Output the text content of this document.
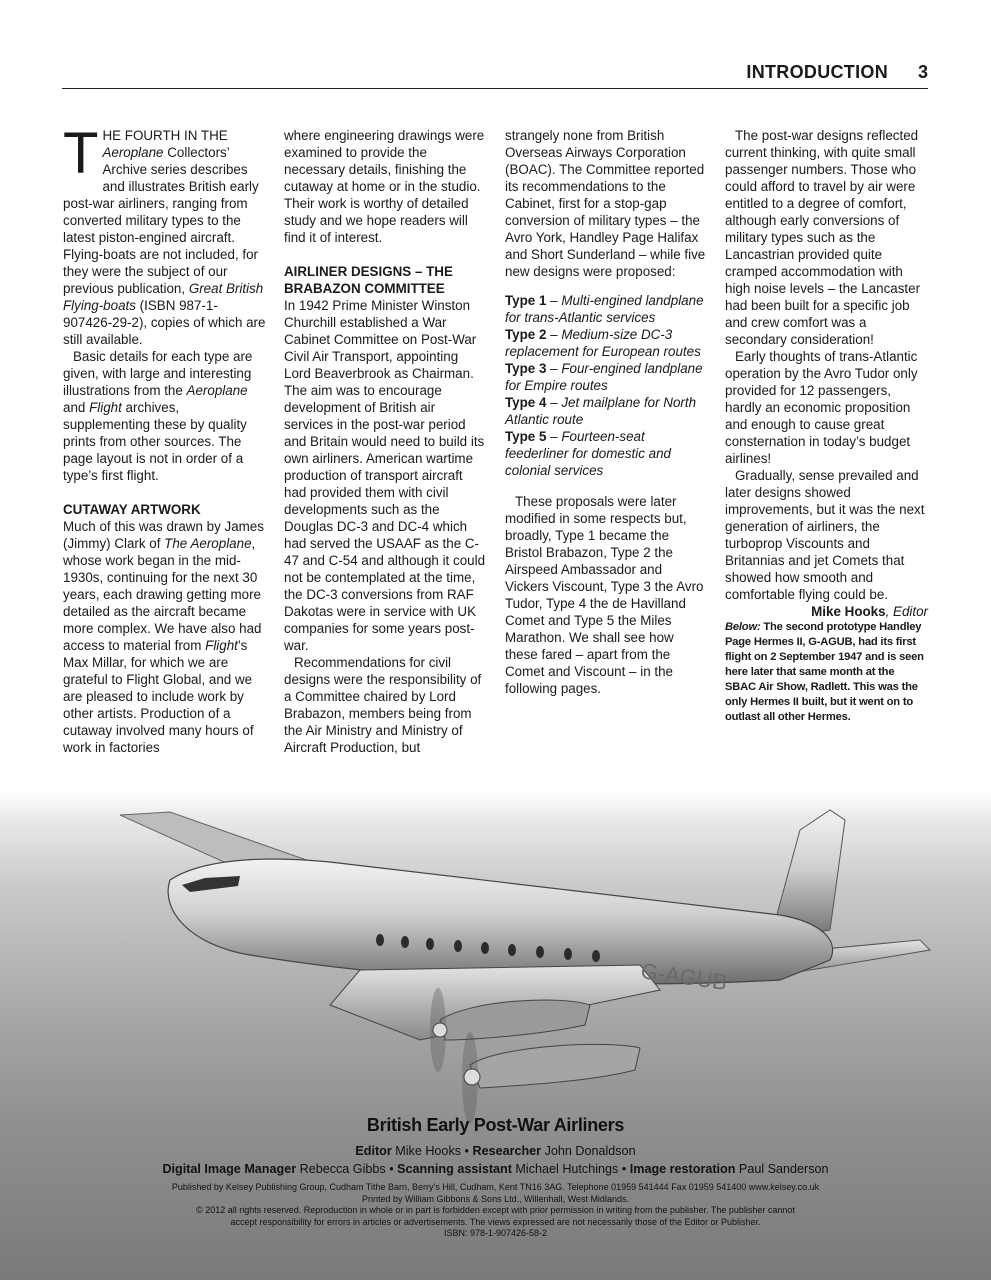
INTRODUCTION 3

THE FOURTH IN THE
Aeroplane Collectors’ Archive series describes and illustrates British early post-war airliners, ranging from converted military types to the latest piston-engined aircraft. Flying-boats are not included, for they were the subject of our previous publication, Great British Flying-boats (ISBN 987-1-907426-29-2), copies of which are still available.

Basic details for each type are given, with large and interesting illustrations from the Aeroplane and Flight archives, supplementing these by quality prints from other sources. The page layout is not in order of a type’s first flight.

CUTAWAY ARTWORK

Much of this was drawn by James (Jimmy) Clark of The Aeroplane, whose work began in the mid-1930s, continuing for the next 30 years, each drawing getting more detailed as the aircraft became more complex. We have also had access to material from Flight’s Max Millar, for which we are grateful to Flight Global, and we are pleased to include work by other artists. Production of a cutaway involved many hours of work in factories

where engineering drawings were examined to provide the necessary details, finishing the cutaway at home or in the studio. Their work is worthy of detailed study and we hope readers will find it of interest.

AIRLINER DESIGNS – THE BRABAZON COMMITTEE

In 1942 Prime Minister Winston Churchill established a War Cabinet Committee on Post-War Civil Air Transport, appointing Lord Beaverbrook as Chairman. The aim was to encourage development of British air services in the post-war period and Britain would need to build its own airliners. American wartime production of transport aircraft had provided them with civil developments such as the Douglas DC-3 and DC-4 which had served the USAAF as the C-47 and C-54 and although it could not be contemplated at the time, the DC-3 conversions from RAF Dakotas were in service with UK companies for some years post-war.

Recommendations for civil designs were the responsibility of a Committee chaired by Lord Brabazon, members being from the Air Ministry and Ministry of Aircraft Production, but

strangely none from British Overseas Airways Corporation (BOAC). The Committee reported its recommendations to the Cabinet, first for a stop-gap conversion of military types – the Avro York, Handley Page Halifax and Short Sunderland – while five new designs were proposed:

Type 1 – Multi-engined landplane for trans-Atlantic services

Type 2 – Medium-size DC-3 replacement for European routes

Type 3 – Four-engined landplane for Empire routes

Type 4 – Jet mailplane for North Atlantic route

Type 5 – Fourteen-seat feederliner for domestic and colonial services

These proposals were later modified in some respects but, broadly, Type 1 became the Bristol Brabazon, Type 2 the Airspeed Ambassador and Vickers Viscount, Type 3 the Avro Tudor, Type 4 the de Havilland Comet and Type 5 the Miles Marathon. We shall see how these fared – apart from the Comet and Viscount – in the following pages.

The post-war designs reflected current thinking, with quite small passenger numbers. Those who could afford to travel by air were entitled to a degree of comfort, although early conversions of military types such as the Lancastrian provided quite cramped accommodation with high noise levels – the Lancaster had been built for a specific job and crew comfort was a secondary consideration!

Early thoughts of trans-Atlantic operation by the Avro Tudor only provided for 12 passengers, hardly an economic proposition and enough to cause great consternation in today’s budget airlines!

Gradually, sense prevailed and later designs showed improvements, but it was the next generation of airliners, the turboprop Viscounts and Britannias and jet Comets that showed how smooth and comfortable flying could be.

Mike Hooks, Editor

Below: The second prototype Handley Page Hermes II, G-AGUB, had its first flight on 2 September 1947 and is seen here later that same month at the SBAC Air Show, Radlett. This was the only Hermes II built, but it went on to outlast all other Hermes.

G-AGUB
British Early Post-War Airliners
Editor Mike Hooks • Researcher John Donaldson
Digital Image Manager Rebecca Gibbs • Scanning assistant Michael Hutchings • Image restoration Paul Sanderson
Published by Kelsey Publishing Group, Cudham Tithe Barn, Berry’s Hill, Cudham, Kent TN16 3AG. Telephone 01959 541444 Fax 01959 541400 www.kelsey.co.uk
Printed by William Gibbons & Sons Ltd., Willenhall, West Midlands.
© 2012 all rights reserved. Reproduction in whole or in part is forbidden except with prior permission in writing from the publisher. The publisher cannot
accept responsibility for errors in articles or advertisements. The views expressed are not necessarily those of the Editor or Publisher.
ISBN: 978-1-907426-58-2
